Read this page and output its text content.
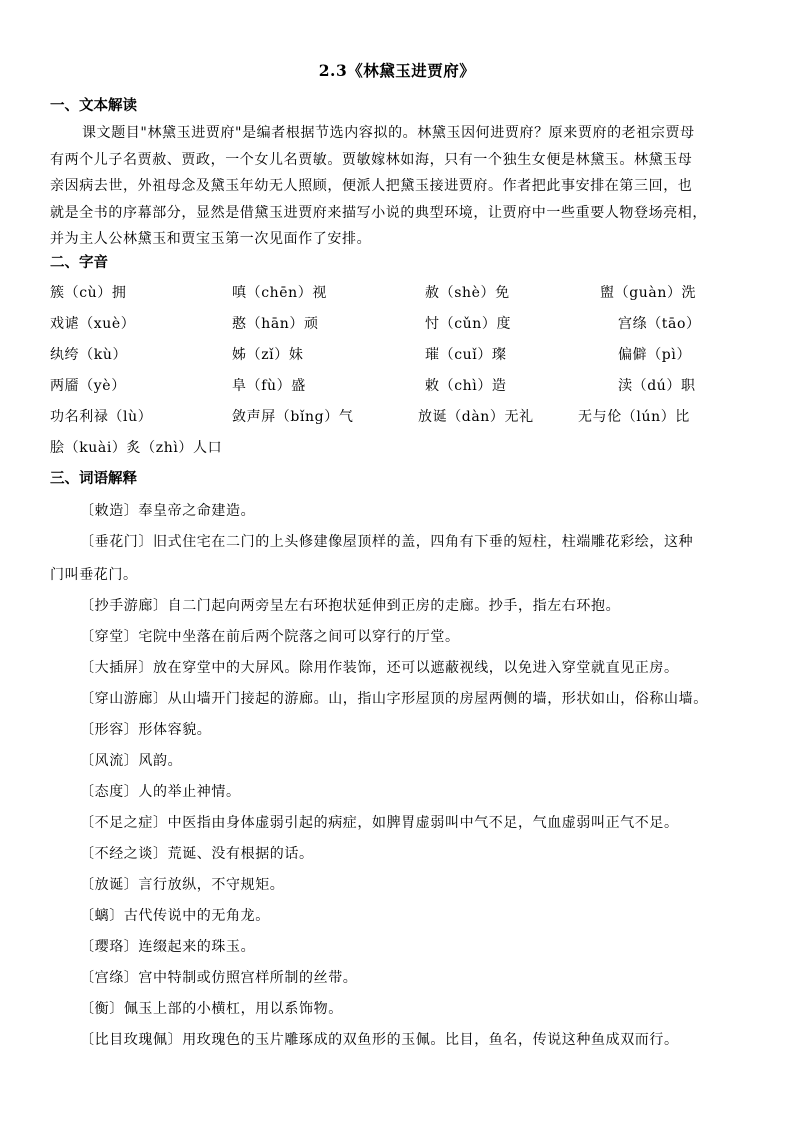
2.3《林黛玉进贾府》
一、文本解读
课文题目"林黛玉进贾府"是编者根据节选内容拟的。林黛玉因何进贾府？原来贾府的老祖宗贾母
有两个儿子名贾赦、贾政，一个女儿名贾敏。贾敏嫁林如海，只有一个独生女便是林黛玉。林黛玉母
亲因病去世，外祖母念及黛玉年幼无人照顾，便派人把黛玉接进贾府。作者把此事安排在第三回，也
就是全书的序幕部分，显然是借黛玉进贾府来描写小说的典型环境，让贾府中一些重要人物登场亮相，
并为主人公林黛玉和贾宝玉第一次见面作了安排。
二、字音
簇（cù）拥	嗔（chēn）视	赦（shè）免	盥（guàn）洗
戏谑（xuè）	憨（hān）顽	忖（cǔn）度	宫绦（tāo）
纨绔（kù）	姊（zǐ）妹	璀（cuǐ）璨	偏僻（pì）
两靥（yè）	阜（fù）盛	敕（chì）造	渎（dú）职
功名利禄（lù）	敛声屏（bǐng）气	放诞（dàn）无礼	无与伦（lún）比
脍（kuài）炙（zhì）人口
三、词语解释
〔敕造〕奉皇帝之命建造。
〔垂花门〕旧式住宅在二门的上头修建像屋顶样的盖，四角有下垂的短柱，柱端雕花彩绘，这种
门叫垂花门。
〔抄手游廊〕自二门起向两旁呈左右环抱状延伸到正房的走廊。抄手，指左右环抱。
〔穿堂〕宅院中坐落在前后两个院落之间可以穿行的厅堂。
〔大插屏〕放在穿堂中的大屏风。除用作装饰，还可以遮蔽视线，以免进入穿堂就直见正房。
〔穿山游廊〕从山墙开门接起的游廊。山，指山字形屋顶的房屋两侧的墙，形状如山，俗称山墙。
〔形容〕形体容貌。
〔风流〕风韵。
〔态度〕人的举止神情。
〔不足之症〕中医指由身体虚弱引起的病症，如脾胃虚弱叫中气不足，气血虚弱叫正气不足。
〔不经之谈〕荒诞、没有根据的话。
〔放诞〕言行放纵，不守规矩。
〔螭〕古代传说中的无角龙。
〔璎珞〕连缀起来的珠玉。
〔宫绦〕宫中特制或仿照宫样所制的丝带。
〔衡〕佩玉上部的小横杠，用以系饰物。
〔比目玫瑰佩〕用玫瑰色的玉片雕琢成的双鱼形的玉佩。比目，鱼名，传说这种鱼成双而行。
